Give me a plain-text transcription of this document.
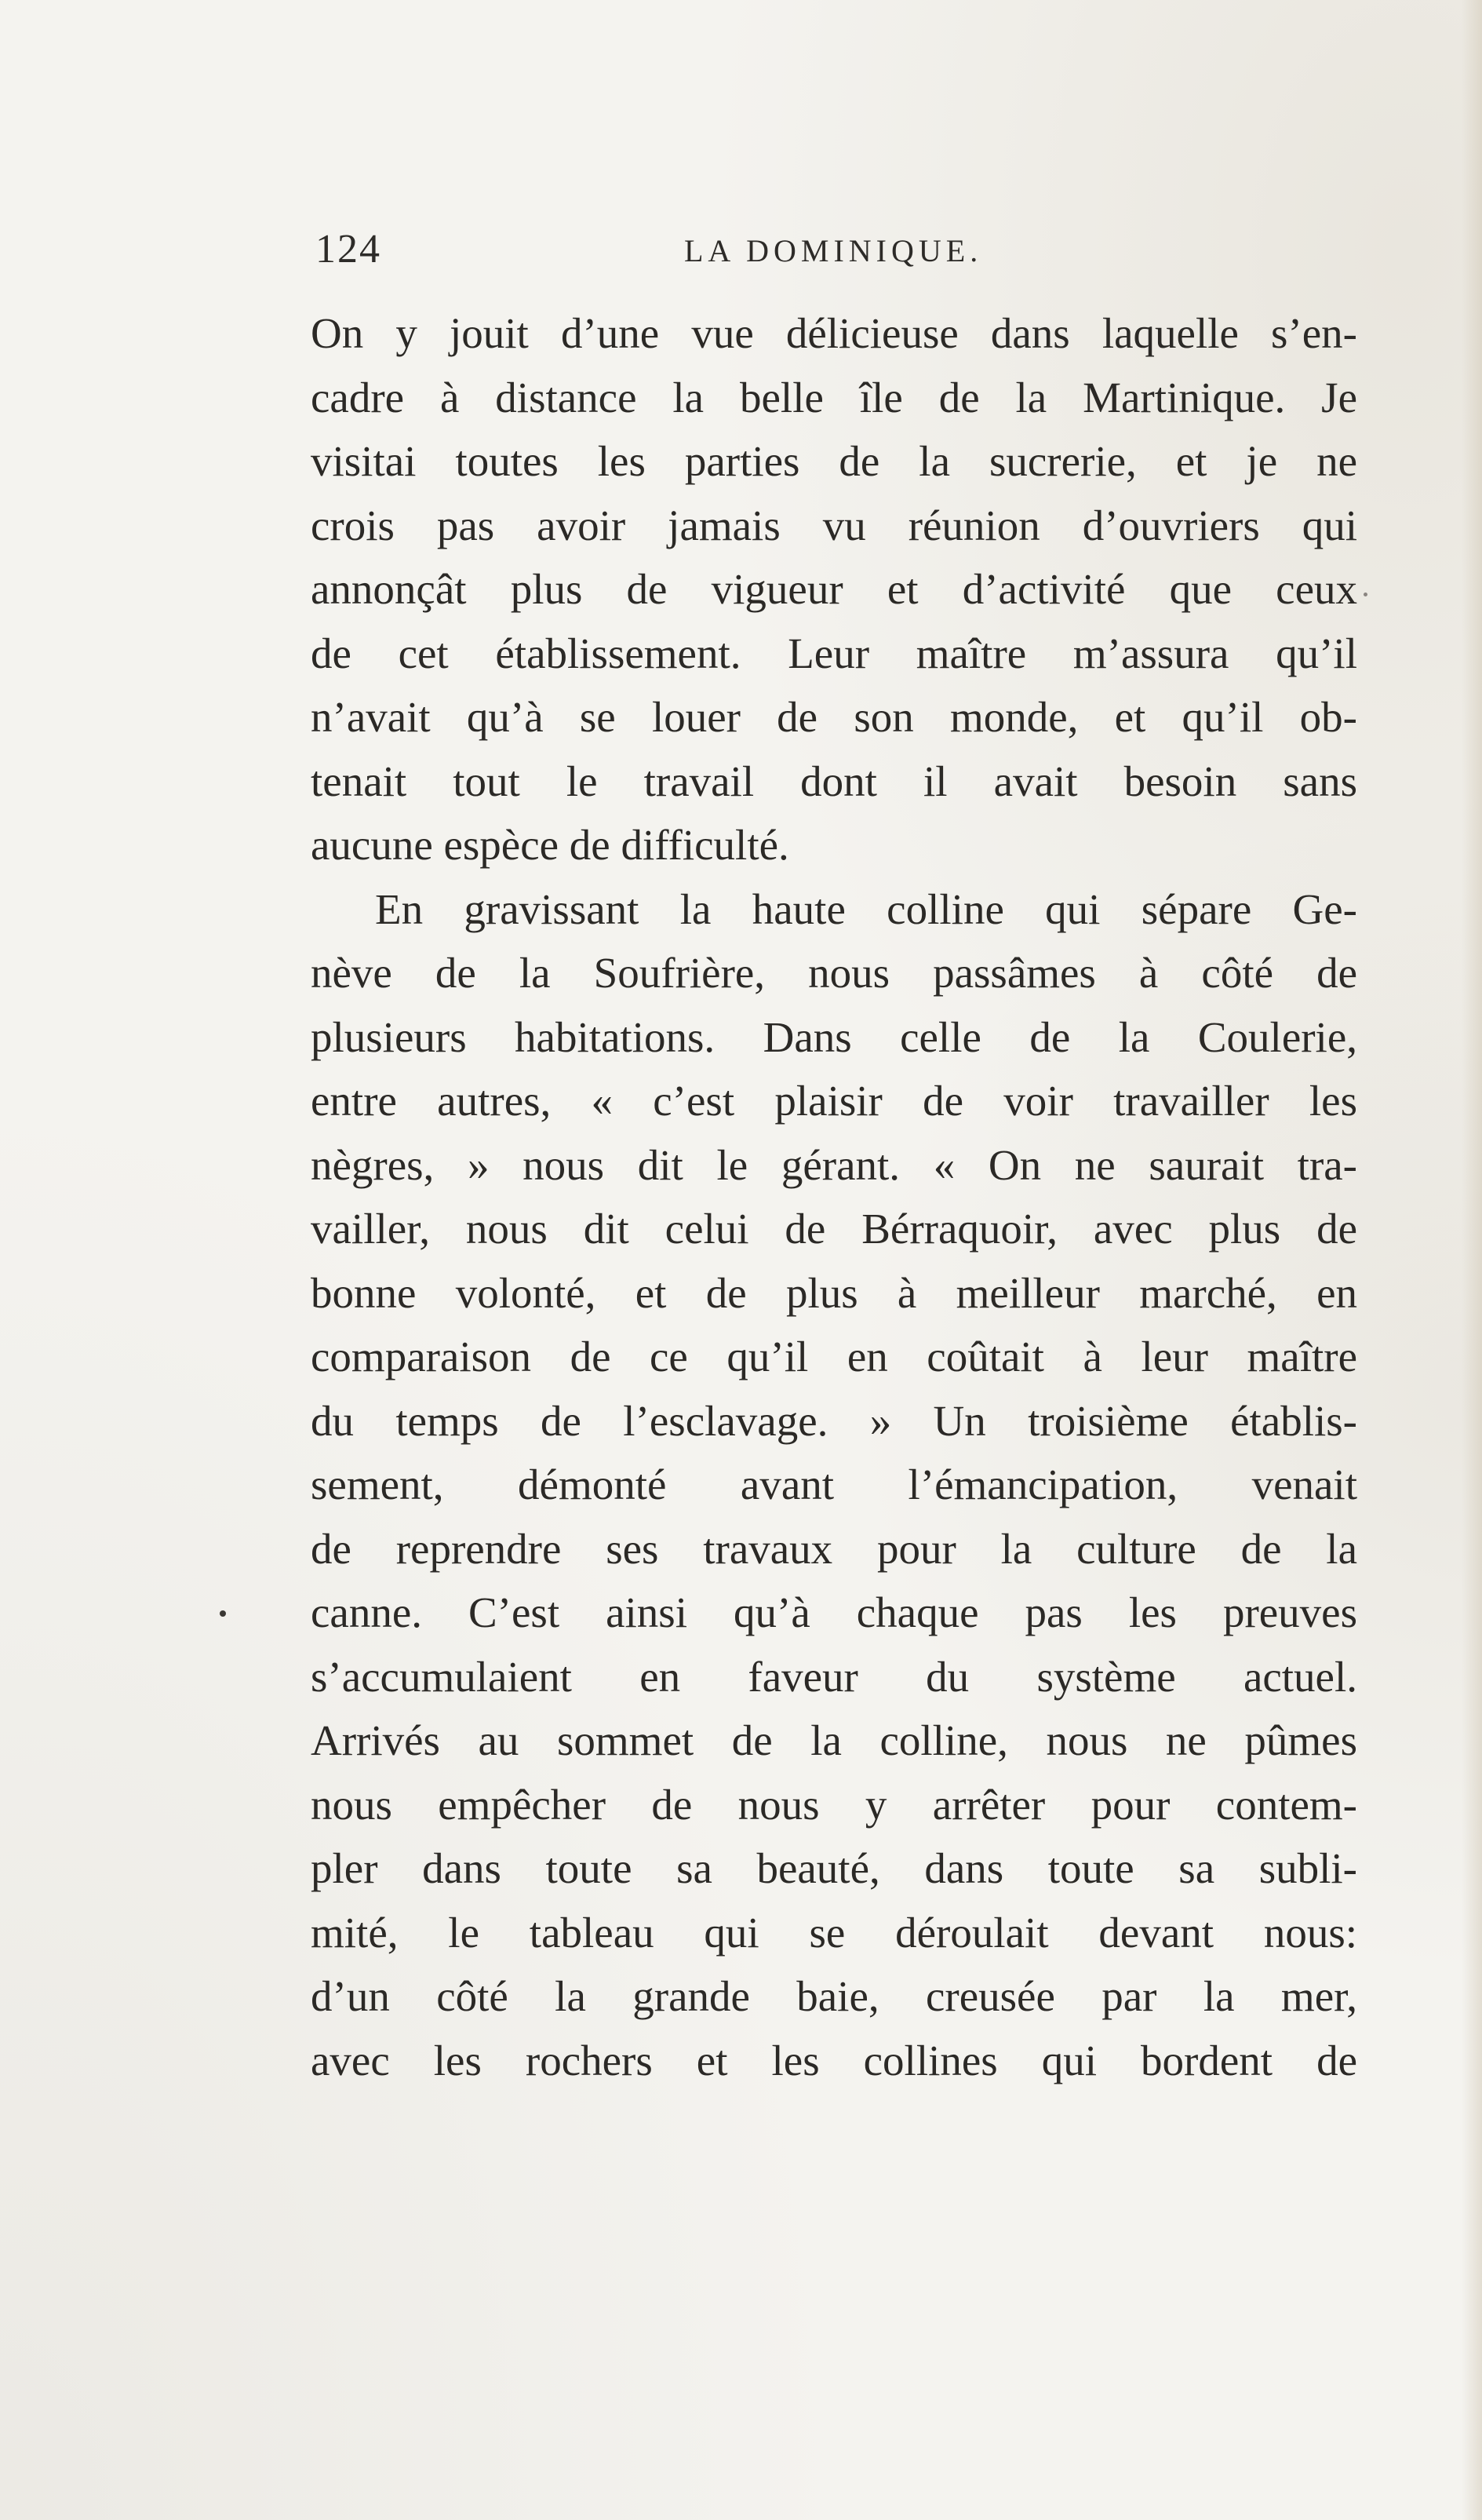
124	LA DOMINIQUE.
On y jouit d’une vue délicieuse dans laquelle s’en-
cadre à distance la belle île de la Martinique. Je
visitai toutes les parties de la sucrerie, et je ne
crois pas avoir jamais vu réunion d’ouvriers qui
annonçât plus de vigueur et d’activité que ceux
de cet établissement. Leur maître m’assura qu’il
n’avait qu’à se louer de son monde, et qu’il ob-
tenait tout le travail dont il avait besoin sans
aucune espèce de difficulté.
En gravissant la haute colline qui sépare Ge-
nève de la Soufrière, nous passâmes à côté de
plusieurs habitations. Dans celle de la Coulerie,
entre autres, « c’est plaisir de voir travailler les
nègres, » nous dit le gérant. « On ne saurait tra-
vailler, nous dit celui de Bérraquoir, avec plus de
bonne volonté, et de plus à meilleur marché, en
comparaison de ce qu’il en coûtait à leur maître
du temps de l’esclavage. » Un troisième établis-
sement, démonté avant l’émancipation, venait
de reprendre ses travaux pour la culture de la
canne. C’est ainsi qu’à chaque pas les preuves
s’accumulaient en faveur du système actuel.
Arrivés au sommet de la colline, nous ne pûmes
nous empêcher de nous y arrêter pour contem-
pler dans toute sa beauté, dans toute sa subli-
mité, le tableau qui se déroulait devant nous:
d’un côté la grande baie, creusée par la mer,
avec les rochers et les collines qui bordent de
